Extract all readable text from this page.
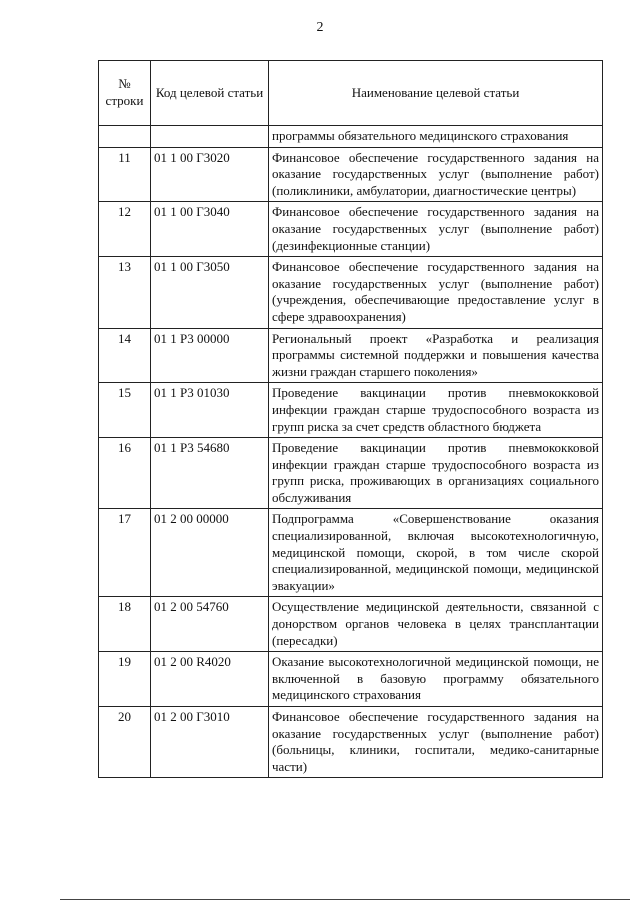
2
№ строки	Код целевой статьи	Наименование целевой статьи
		программы обязательного медицинского страхования
11	01 1 00 Г3020	Финансовое обеспечение государственного задания на оказание государственных услуг (выполнение работ) (поликлиники, амбулатории, диагностические центры)
12	01 1 00 Г3040	Финансовое обеспечение государственного задания на оказание государственных услуг (выполнение работ) (дезинфекционные станции)
13	01 1 00 Г3050	Финансовое обеспечение государственного задания на оказание государственных услуг (выполнение работ) (учреждения, обеспечивающие предоставление услуг в сфере здравоохранения)
14	01 1 Р3 00000	Региональный проект «Разработка и реализация программы системной поддержки и повышения качества жизни граждан старшего поколения»
15	01 1 Р3 01030	Проведение вакцинации против пневмококковой инфекции граждан старше трудоспособного возраста из групп риска за счет средств областного бюджета
16	01 1 Р3 54680	Проведение вакцинации против пневмококковой инфекции граждан старше трудоспособного возраста из групп риска, проживающих в организациях социального обслуживания
17	01 2 00 00000	Подпрограмма «Совершенствование оказания специализированной, включая высокотехнологичную, медицинской помощи, скорой, в том числе скорой специализированной, медицинской помощи, медицинской эвакуации»
18	01 2 00 54760	Осуществление медицинской деятельности, связанной с донорством органов человека в целях трансплантации (пересадки)
19	01 2 00 R4020	Оказание высокотехнологичной медицинской помощи, не включенной в базовую программу обязательного медицинского страхования
20	01 2 00 Г3010	Финансовое обеспечение государственного задания на оказание государственных услуг (выполнение работ) (больницы, клиники, госпитали, медико-санитарные части)
